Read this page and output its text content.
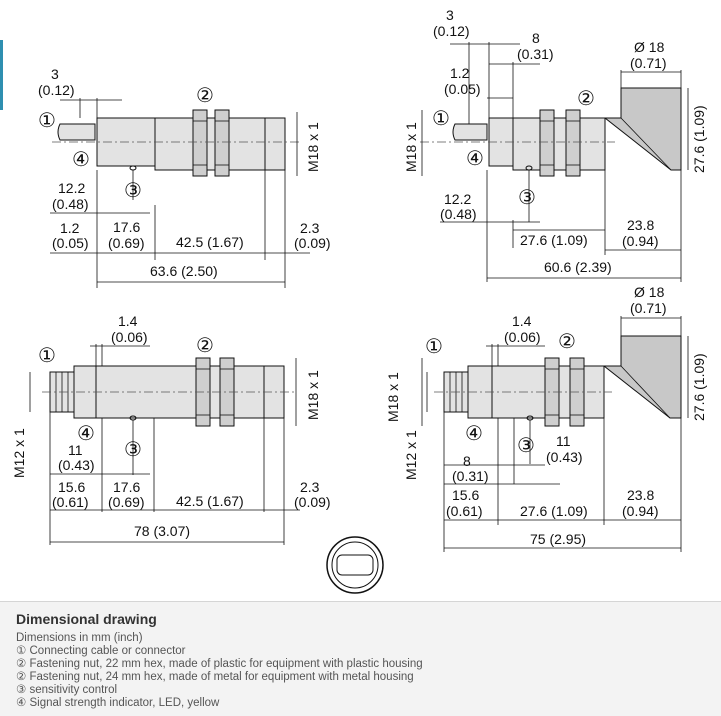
3
(0.12)
12.2
(0.48)
1.2
(0.05)
17.6
(0.69) 42.5 (1.67)
2.3
(0.09)
63.6 (2.50)
M18 x 1
①
②
③
④
3
(0.12)	8
(0.31)	Ø 18
(0.71)
1.2
(0.05)
M18 x 1	27.6 (1.09)
12.2
(0.48)
27.6 (1.09)
23.8
(0.94)
60.6 (2.39)
①
②
③
④
1.4
(0.06)
M18 x 1
M12 x 1	11
(0.43)
15.6
(0.61)
17.6
(0.69) 42.5 (1.67)
2.3
(0.09)
78 (3.07)
①	②
③
④
1.4
(0.06)
Ø 18
(0.71)
M18 x 1	27.6 (1.09)
M12 x 1	11
(0.43)
8
(0.31)
15.6
(0.61)	27.6 (1.09)
23.8
(0.94)
75 (2.95)
①	②
③
④
Dimensional drawing
Dimensions in mm (inch)
① Connecting cable or connector
② Fastening nut, 22 mm hex, made of plastic for equipment with plastic housing
② Fastening nut, 24 mm hex, made of metal for equipment with metal housing
③ sensitivity control
④ Signal strength indicator, LED, yellow
